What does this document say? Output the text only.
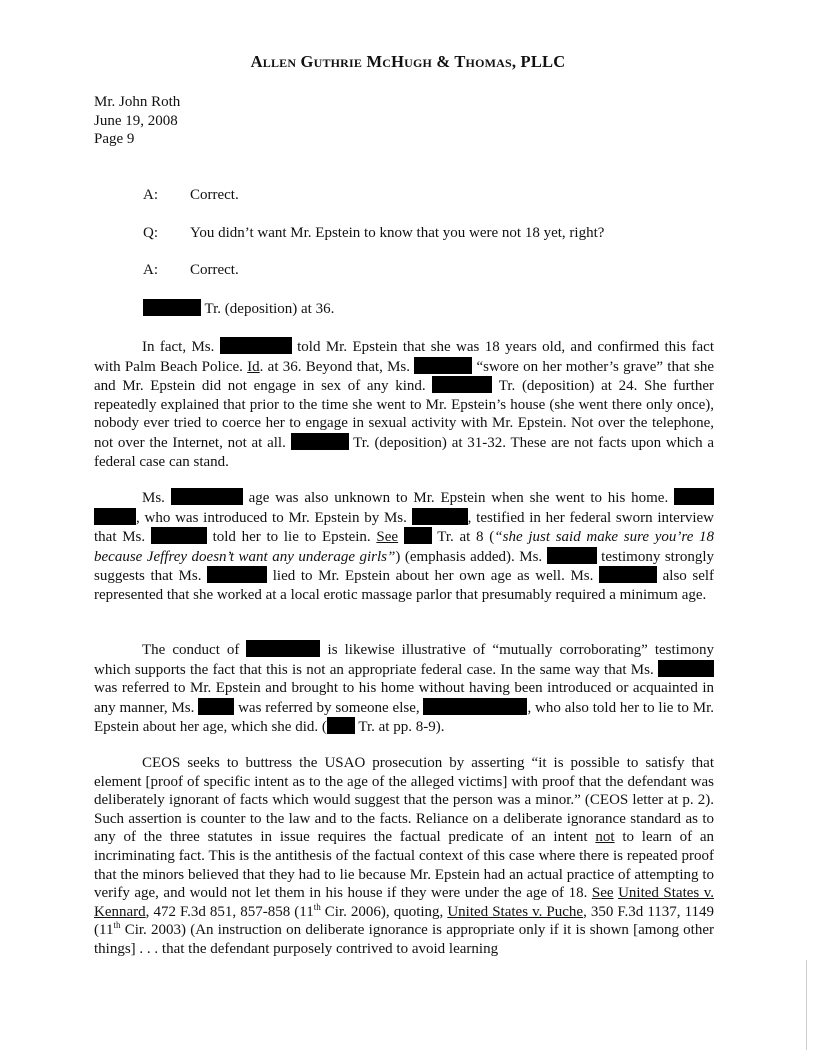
Allen Guthrie McHugh & Thomas, PLLC
Mr. John Roth
June 19, 2008
Page 9
A: Correct.
Q: You didn’t want Mr. Epstein to know that you were not 18 yet, right?
A: Correct.
Tr. (deposition) at 36.

In fact, Ms.	told Mr. Epstein that she was 18 years old, and confirmed this fact with Palm Beach Police. Id. at 36. Beyond that, Ms.	“swore on her mother’s grave” that she and Mr. Epstein did not engage in sex of any kind.	Tr. (deposition) at 24. She further repeatedly explained that prior to the time she went to Mr. Epstein’s house (she went there only once), nobody ever tried to coerce her to engage in sexual activity with Mr. Epstein. Not over the telephone, not over the Internet, not at all.	Tr. (deposition) at 31-32. These are not facts upon which a federal case can stand.

Ms.	age was also unknown to Mr. Epstein when she went to his home.  , who was introduced to Mr. Epstein by Ms.	, testified in her federal sworn interview that Ms.	told her to lie to Epstein. See	Tr. at 8 (“she just said make sure you’re 18 because Jeffrey doesn’t want any underage girls”) (emphasis added). Ms.	testimony strongly suggests that Ms.	lied to Mr. Epstein about her own age as well. Ms.	also self represented that she worked at a local erotic massage parlor that presumably required a minimum age.

The conduct of	is likewise illustrative of “mutually corroborating” testimony which supports the fact that this is not an appropriate federal case. In the same way that Ms.  was referred to Mr. Epstein and brought to his home without having been introduced or acquainted in any manner, Ms.	was referred by someone else,	, who also told her to lie to Mr. Epstein about her age, which she did. ( Tr. at pp. 8-9).

CEOS seeks to buttress the USAO prosecution by asserting “it is possible to satisfy that element [proof of specific intent as to the age of the alleged victims] with proof that the defendant was deliberately ignorant of facts which would suggest that the person was a minor.” (CEOS letter at p. 2). Such assertion is counter to the law and to the facts. Reliance on a deliberate ignorance standard as to any of the three statutes in issue requires the factual predicate of an intent not to learn of an incriminating fact. This is the antithesis of the factual context of this case where there is repeated proof that the minors believed that they had to lie because Mr. Epstein had an actual practice of attempting to verify age, and would not let them in his house if they were under the age of 18. See United States v. Kennard, 472 F.3d 851, 857-858 (11th Cir. 2006), quoting, United States v. Puche, 350 F.3d 1137, 1149 (11th Cir. 2003) (An instruction on deliberate ignorance is appropriate only if it is shown [among other things] . . . that the defendant purposely contrived to avoid learning
